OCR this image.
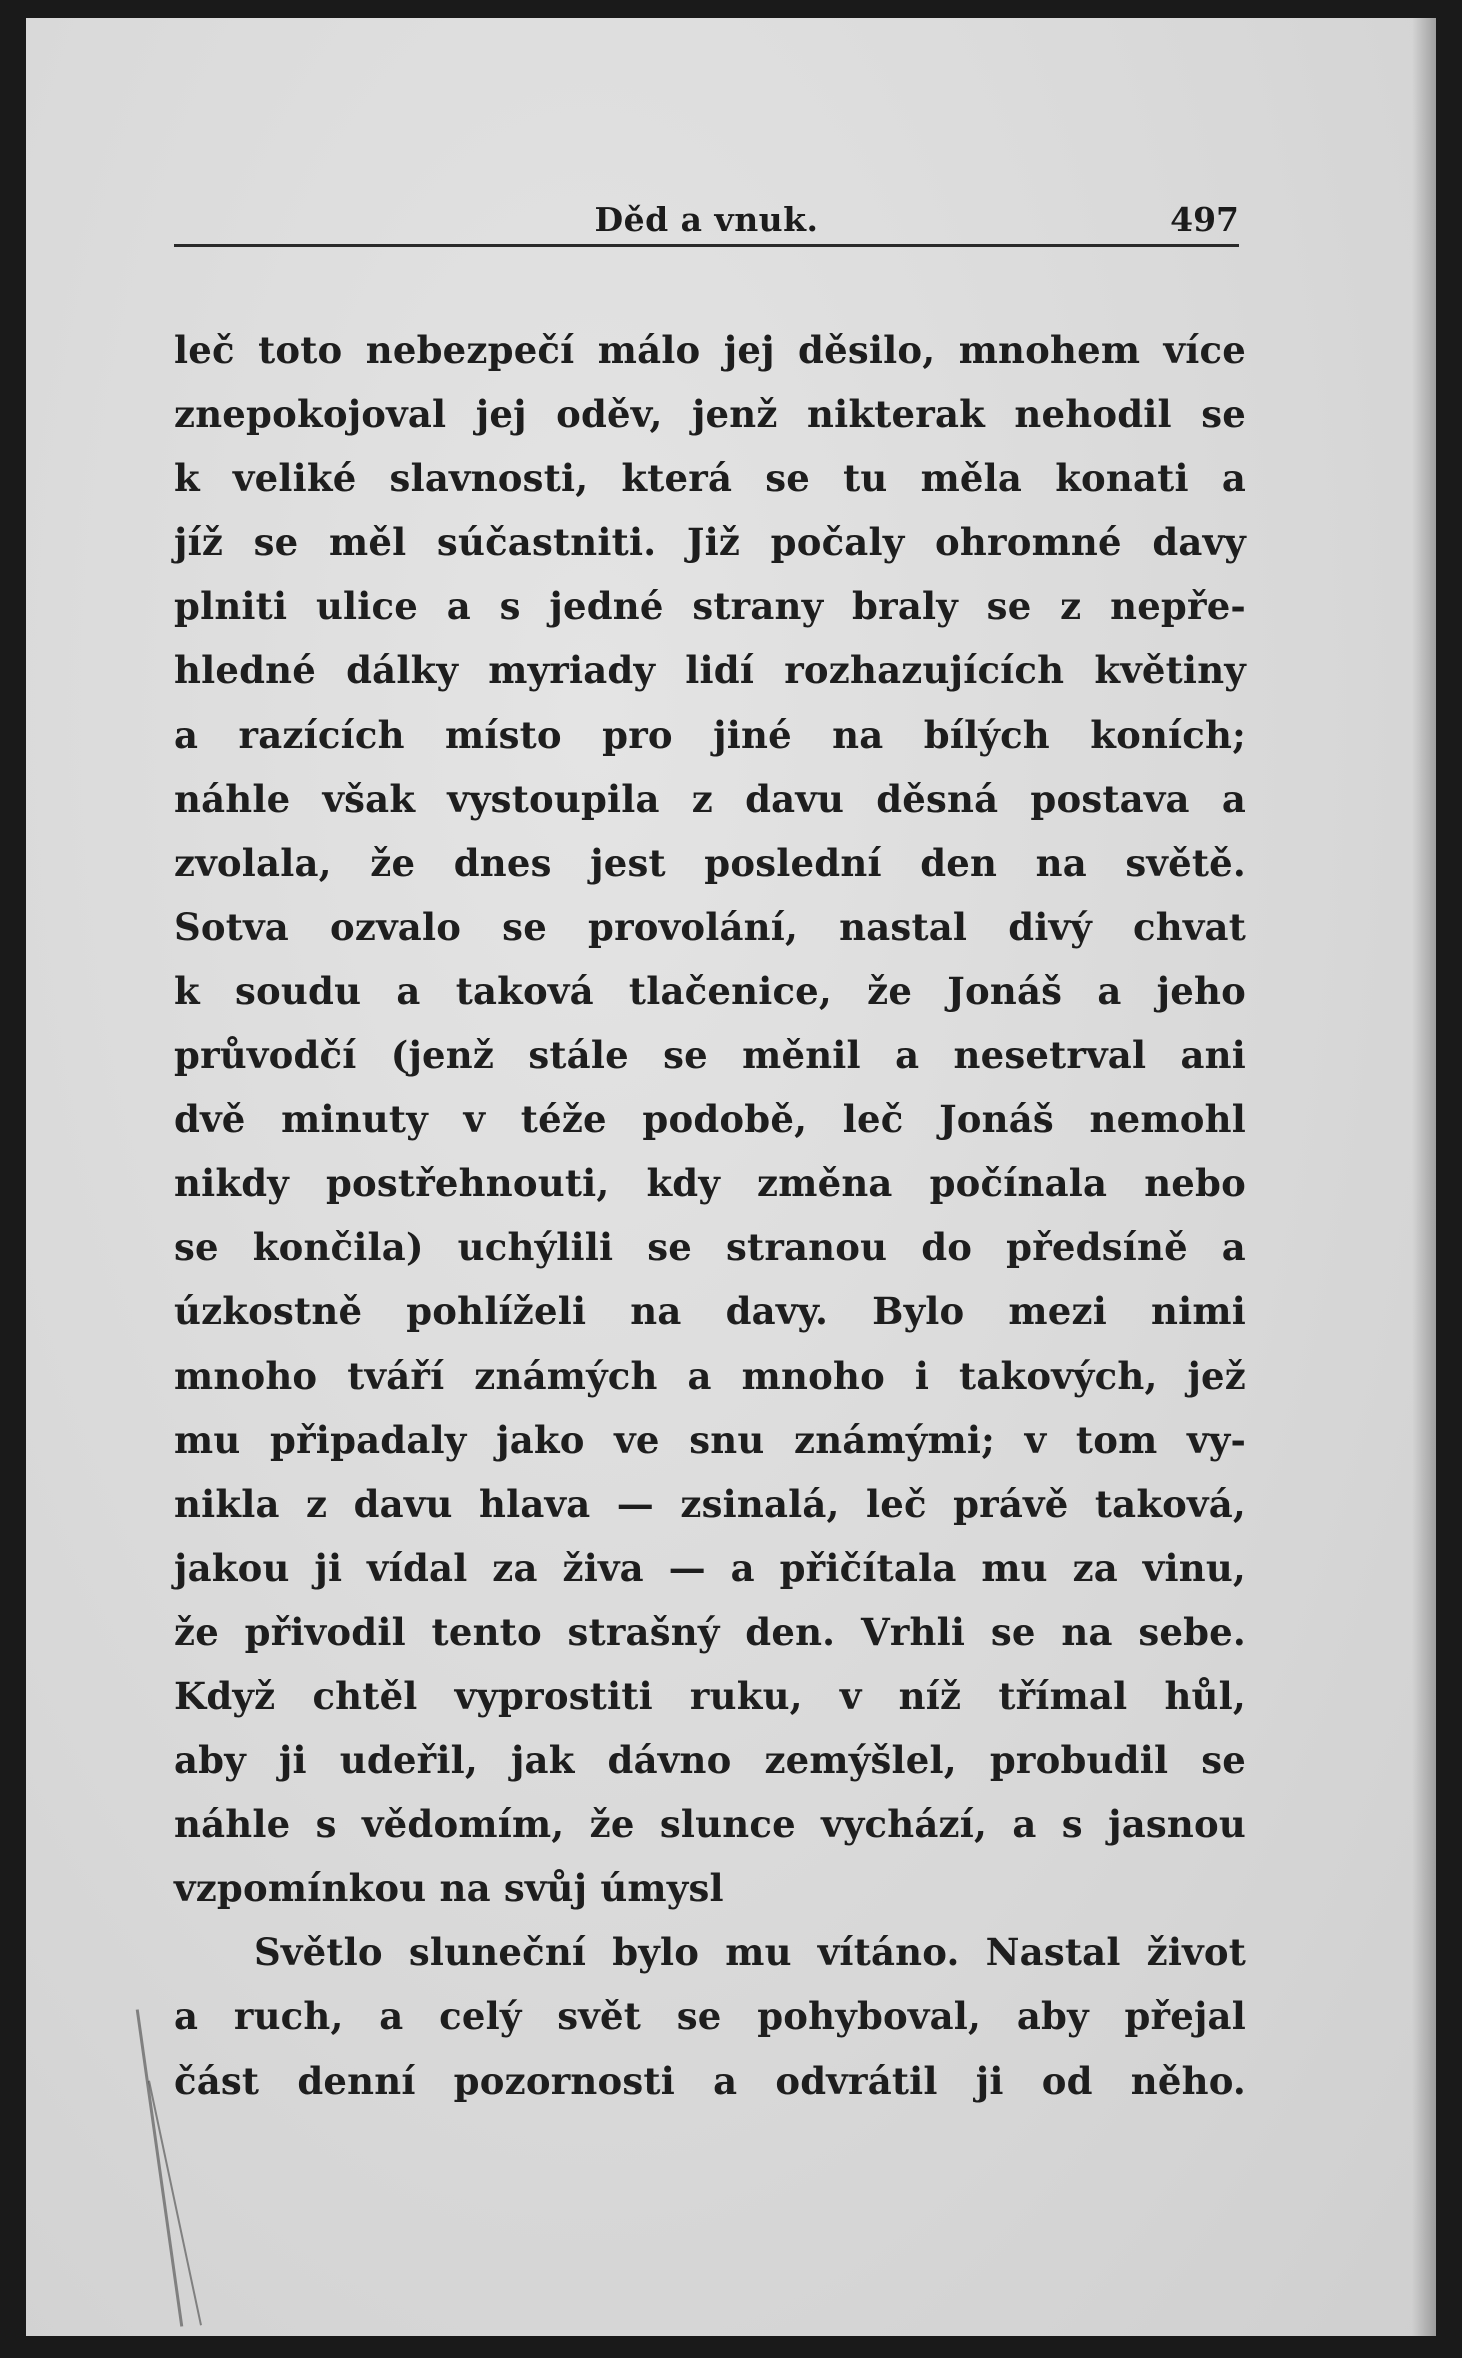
Děd a vnuk.	497
leč toto nebezpečí málo jej děsilo, mnohem více
znepokojoval jej oděv, jenž nikterak nehodil se
k veliké slavnosti, která se tu měla konati a
jíž se měl súčastniti. Již počaly ohromné davy
plniti ulice a s jedné strany braly se z nepře-
hledné dálky myriady lidí rozhazujících květiny
a razících místo pro jiné na bílých koních;
náhle však vystoupila z davu děsná postava a
zvolala, že dnes jest poslední den na světě.
Sotva ozvalo se provolání, nastal divý chvat
k soudu a taková tlačenice, že Jonáš a jeho
průvodčí (jenž stále se měnil a nesetrval ani
dvě minuty v téže podobě, leč Jonáš nemohl
nikdy postřehnouti, kdy změna počínala nebo
se končila) uchýlili se stranou do předsíně a
úzkostně pohlíželi na davy. Bylo mezi nimi
mnoho tváří známých a mnoho i takových, jež
mu připadaly jako ve snu známými; v tom vy-
nikla z davu hlava — zsinalá, leč právě taková,
jakou ji vídal za živa — a přičítala mu za vinu,
že přivodil tento strašný den. Vrhli se na sebe.
Když chtěl vyprostiti ruku, v níž třímal hůl,
aby ji udeřil, jak dávno zemýšlel, probudil se
náhle s vědomím, že slunce vychází, a s jasnou
vzpomínkou na svůj úmysl
Světlo sluneční bylo mu vítáno. Nastal život
a ruch, a celý svět se pohyboval, aby přejal
část denní pozornosti a odvrátil ji od něho.
